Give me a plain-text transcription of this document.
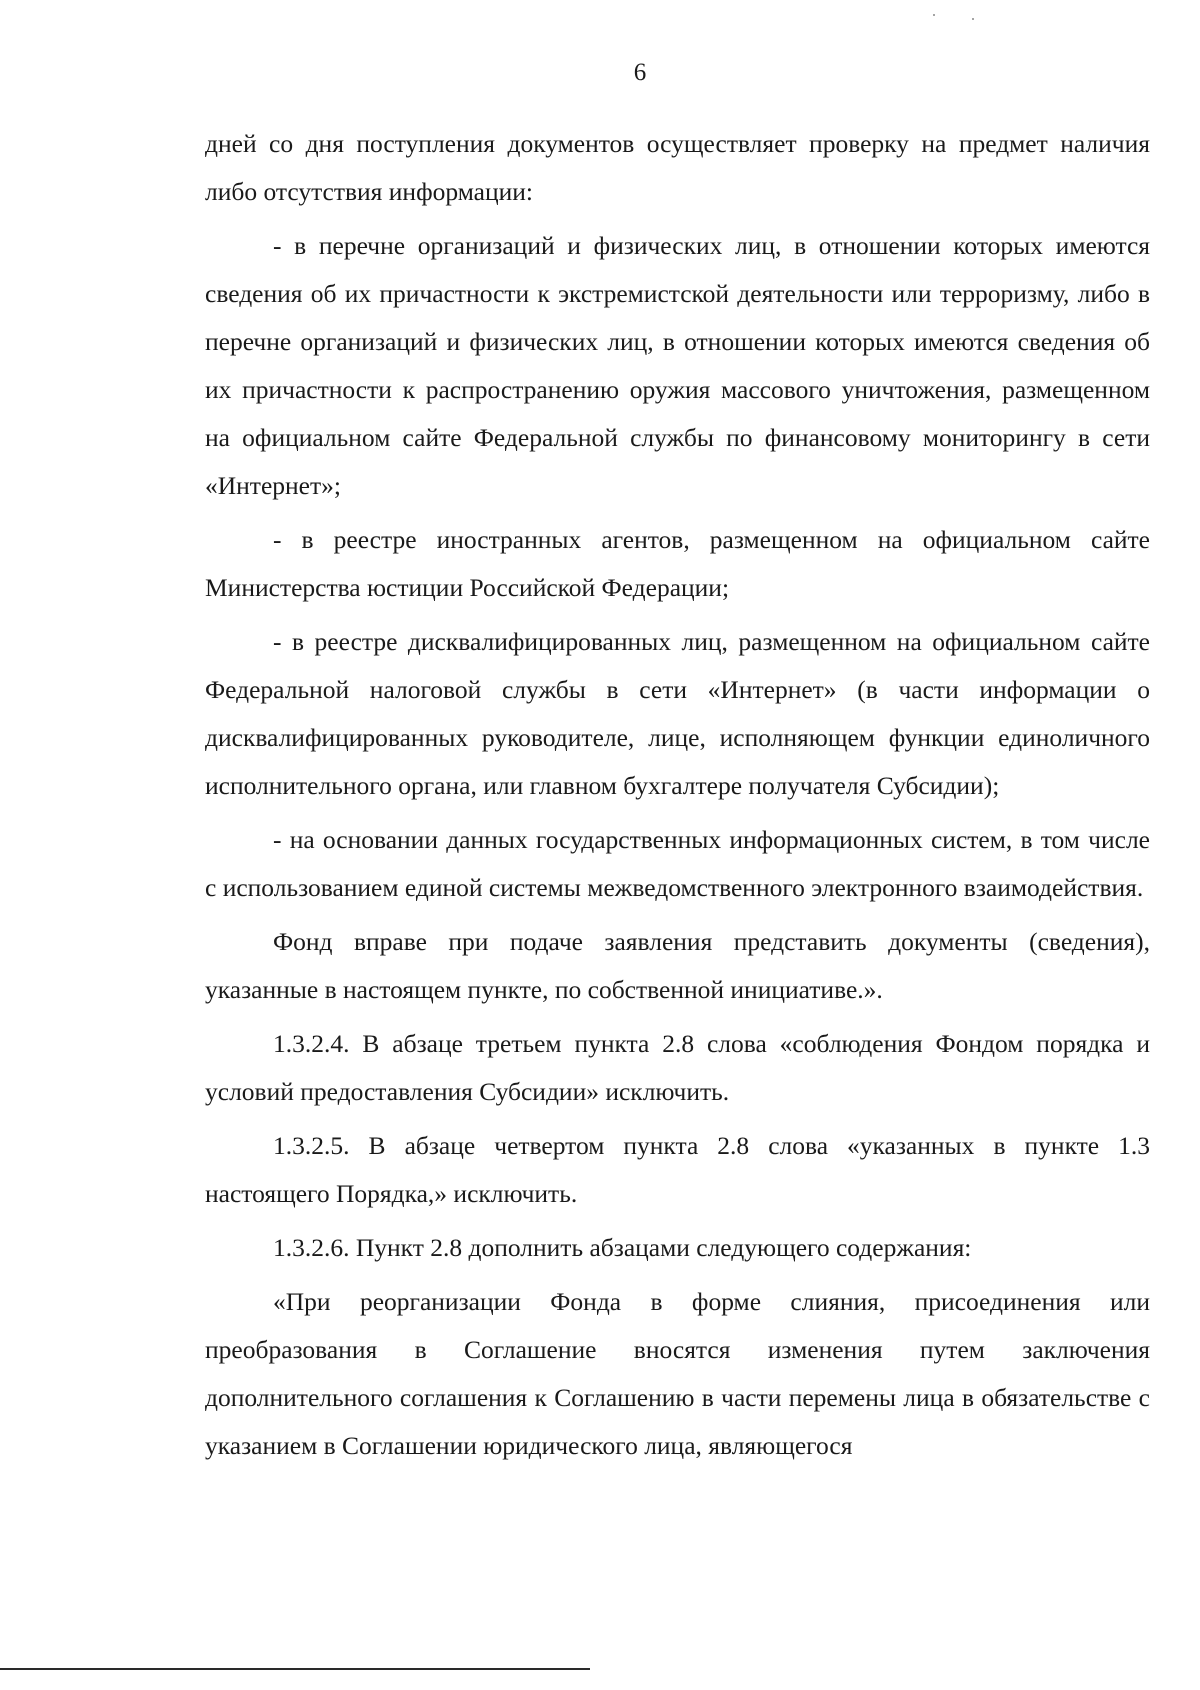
6

дней со дня поступления документов осуществляет проверку на предмет наличия либо отсутствия информации:

- в перечне организаций и физических лиц, в отношении которых имеются сведения об их причастности к экстремистской деятельности или терроризму, либо в перечне организаций и физических лиц, в отношении которых имеются сведения об их причастности к распространению оружия массового уничтожения, размещенном на официальном сайте Федеральной службы по финансовому мониторингу в сети «Интернет»;

- в реестре иностранных агентов, размещенном на официальном сайте Министерства юстиции Российской Федерации;

- в реестре дисквалифицированных лиц, размещенном на официальном сайте Федеральной налоговой службы в сети «Интернет» (в части информации о дисквалифицированных руководителе, лице, исполняющем функции единоличного исполнительного органа, или главном бухгалтере получателя Субсидии);

- на основании данных государственных информационных систем, в том числе с использованием единой системы межведомственного электронного взаимодействия.

Фонд вправе при подаче заявления представить документы (сведения), указанные в настоящем пункте, по собственной инициативе.».

1.3.2.4. В абзаце третьем пункта 2.8 слова «соблюдения Фондом порядка и условий предоставления Субсидии» исключить.

1.3.2.5. В абзаце четвертом пункта 2.8 слова «указанных в пункте 1.3 настоящего Порядка,» исключить.

1.3.2.6. Пункт 2.8 дополнить абзацами следующего содержания:

«При реорганизации Фонда в форме слияния, присоединения или преобразования в Соглашение вносятся изменения путем заключения дополнительного соглашения к Соглашению в части перемены лица в обязательстве с указанием в Соглашении юридического лица, являющегося
